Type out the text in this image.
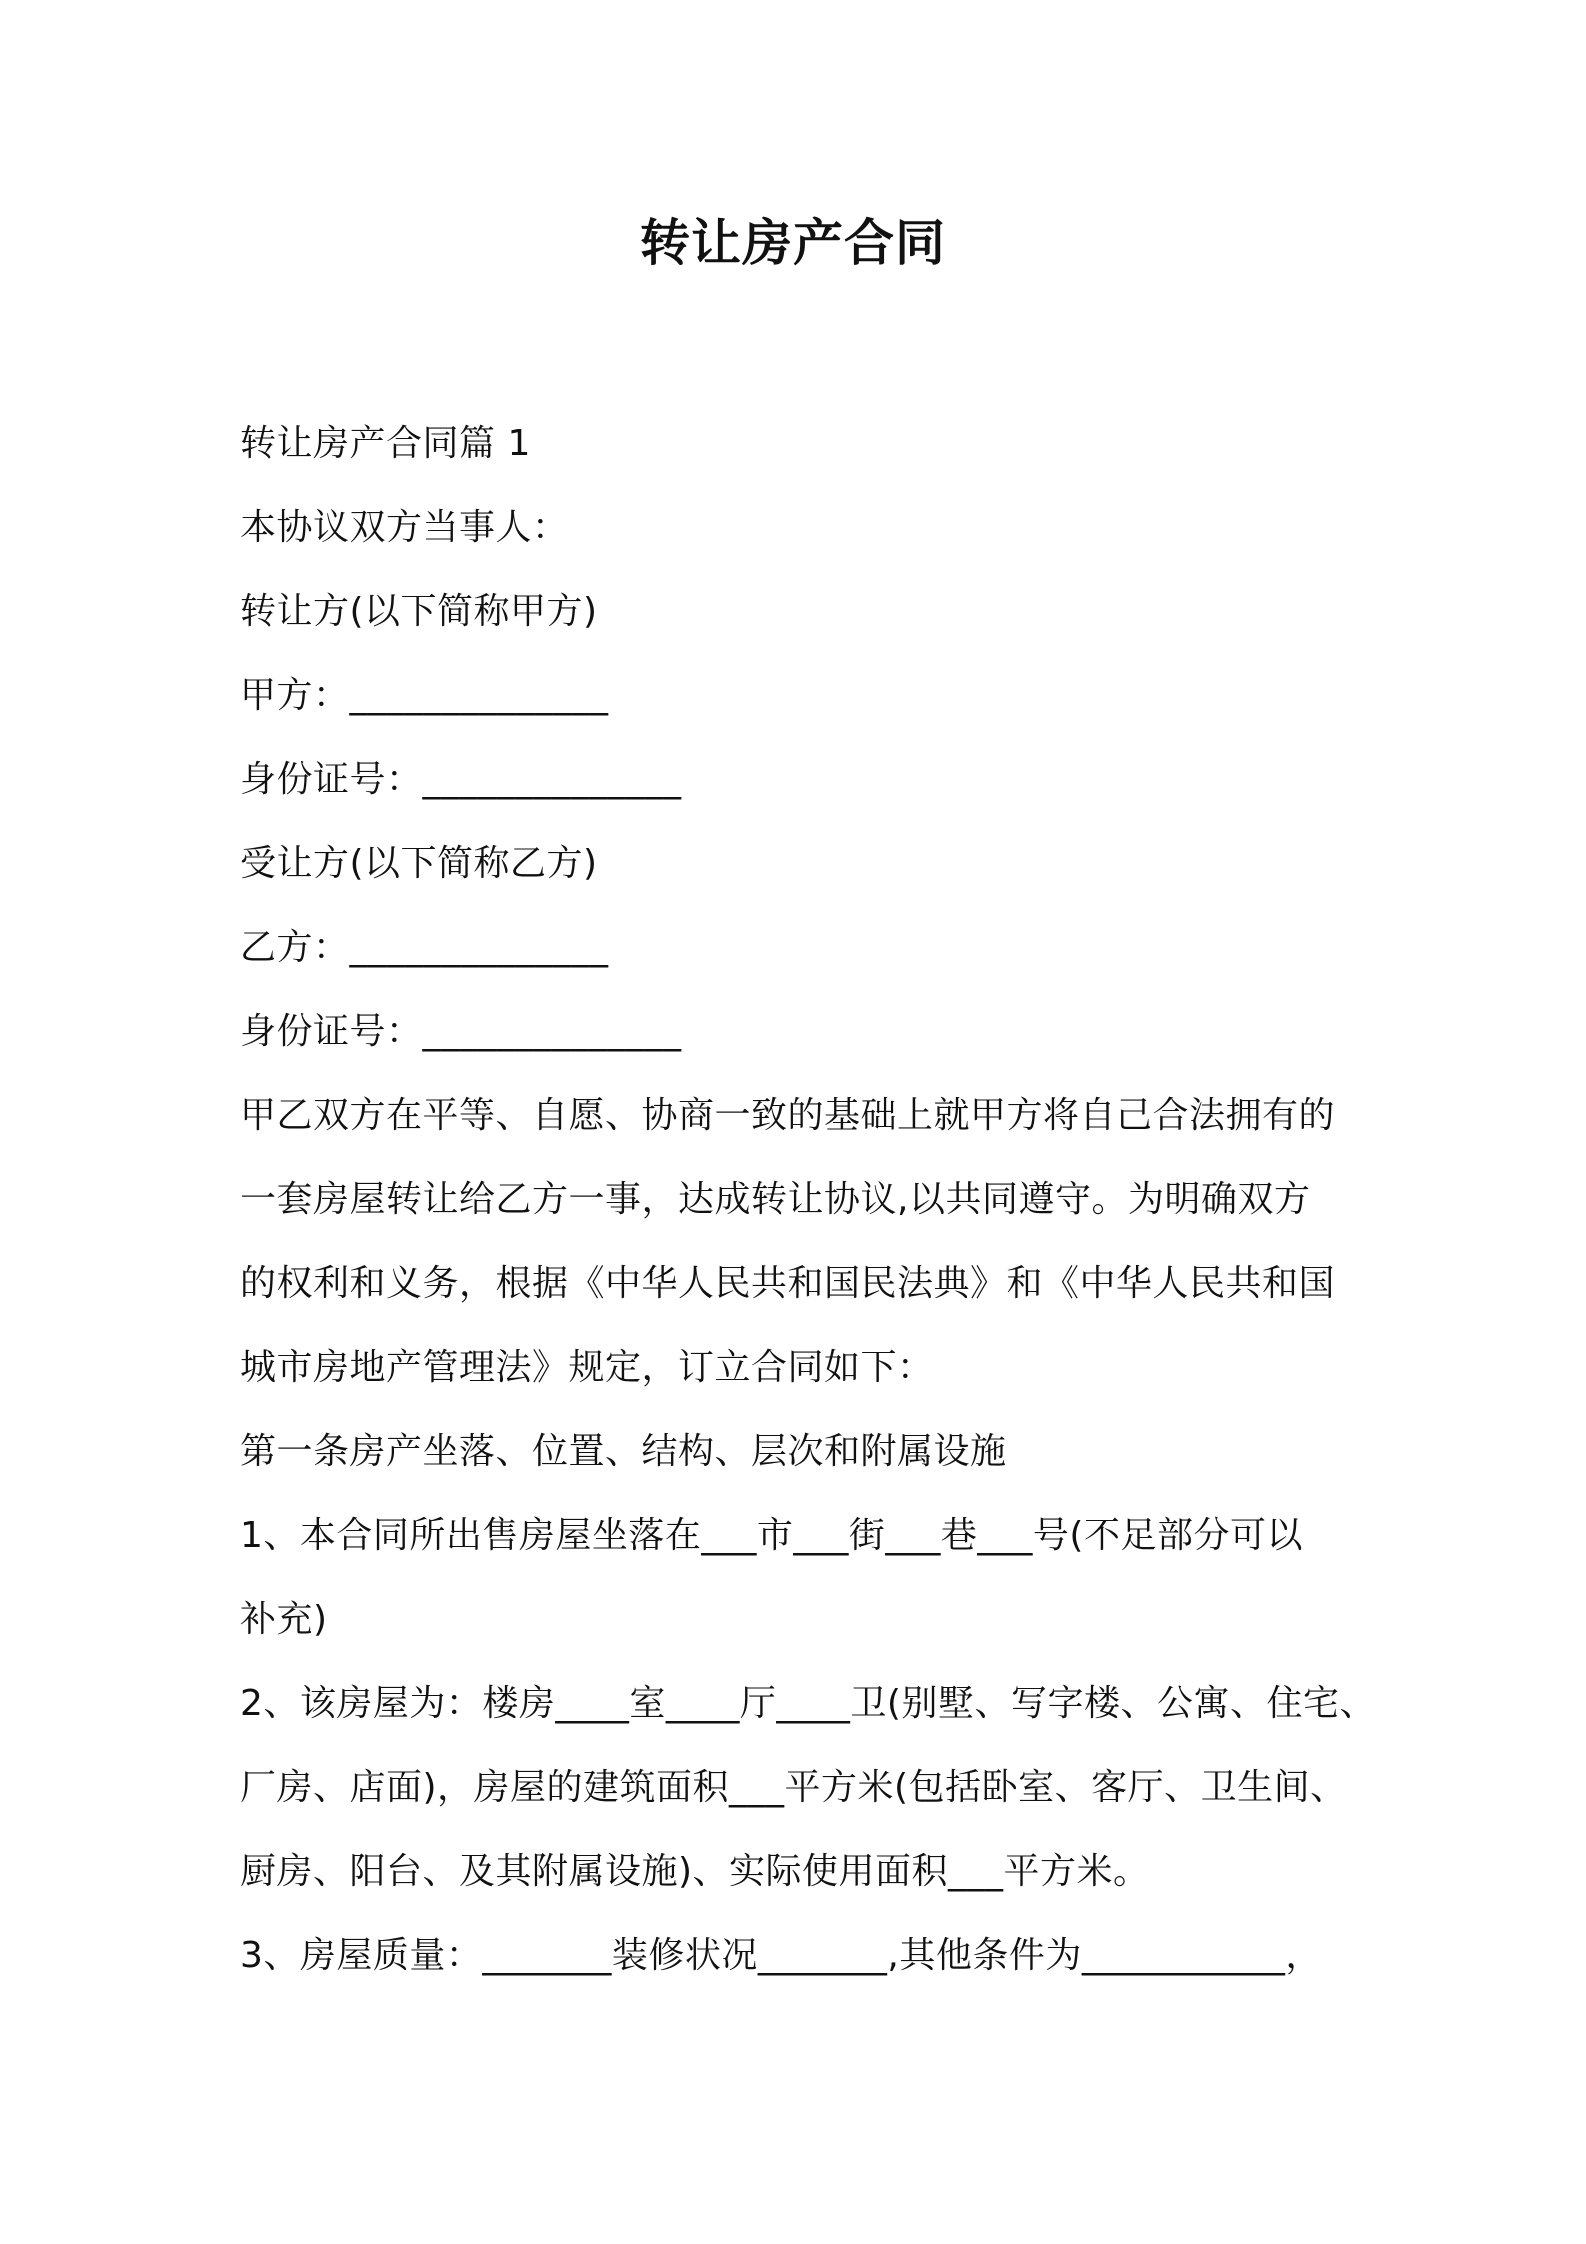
转让房产合同
转让房产合同篇 1
本协议双方当事人：
转让方(以下简称甲方)
甲方：______________
身份证号：______________
受让方(以下简称乙方)
乙方：______________
身份证号：______________
甲乙双方在平等、自愿、协商一致的基础上就甲方将自己合法拥有的
一套房屋转让给乙方一事，达成转让协议,以共同遵守。为明确双方
的权利和义务，根据《中华人民共和国民法典》和《中华人民共和国
城市房地产管理法》规定，订立合同如下：
第一条房产坐落、位置、结构、层次和附属设施
1、本合同所出售房屋坐落在___市___街___巷___号(不足部分可以
补充)
2、该房屋为：楼房____室____厅____卫(别墅、写字楼、公寓、住宅、
厂房、店面)，房屋的建筑面积___平方米(包括卧室、客厅、卫生间、
厨房、阳台、及其附属设施)、实际使用面积___平方米。
3、房屋质量：_______装修状况_______,其他条件为___________，
